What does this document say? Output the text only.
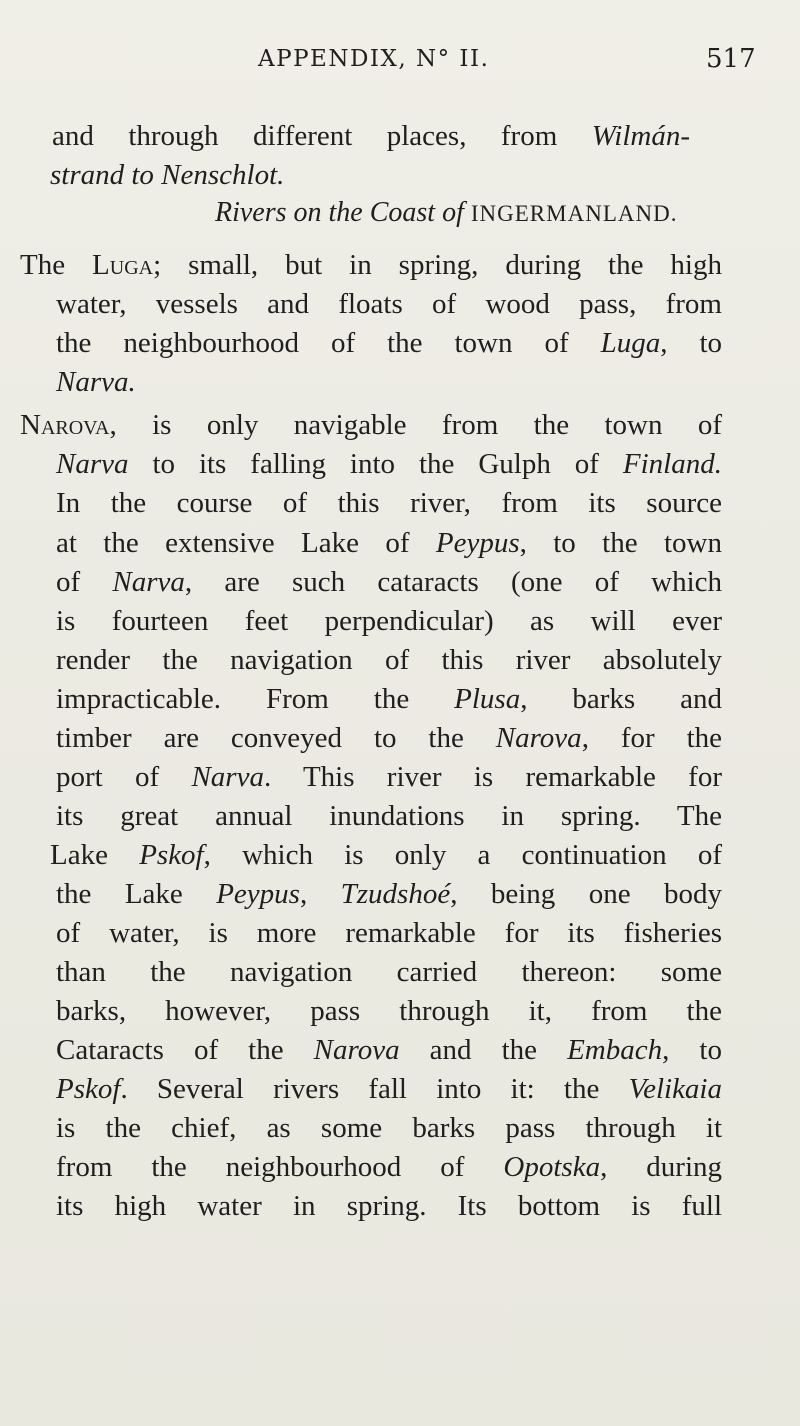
APPENDIX, N° II.	517
and through different places, from Wilmán-
strand to Nenschlot.
Rivers on the Coast of INGERMANLAND.
The Luga; small, but in spring, during the high
water, vessels and floats of wood pass, from
the neighbourhood of the town of Luga, to
Narva.
Narova, is only navigable from the town of
Narva to its falling into the Gulph of Finland.
In the course of this river, from its source
at the extensive Lake of Peypus, to the town
of Narva, are such cataracts (one of which
is fourteen feet perpendicular) as will ever
render the navigation of this river absolutely
impracticable. From the Plusa, barks and
timber are conveyed to the Narova, for the
port of Narva. This river is remarkable for
its great annual inundations in spring. The
Lake Pskof, which is only a continuation of
the Lake Peypus, Tzudshoé, being one body
of water, is more remarkable for its fisheries
than the navigation carried thereon: some
barks, however, pass through it, from the
Cataracts of the Narova and the Embach, to
Pskof. Several rivers fall into it: the Velikaia
is the chief, as some barks pass through it
from the neighbourhood of Opotska, during
its high water in spring. Its bottom is full
